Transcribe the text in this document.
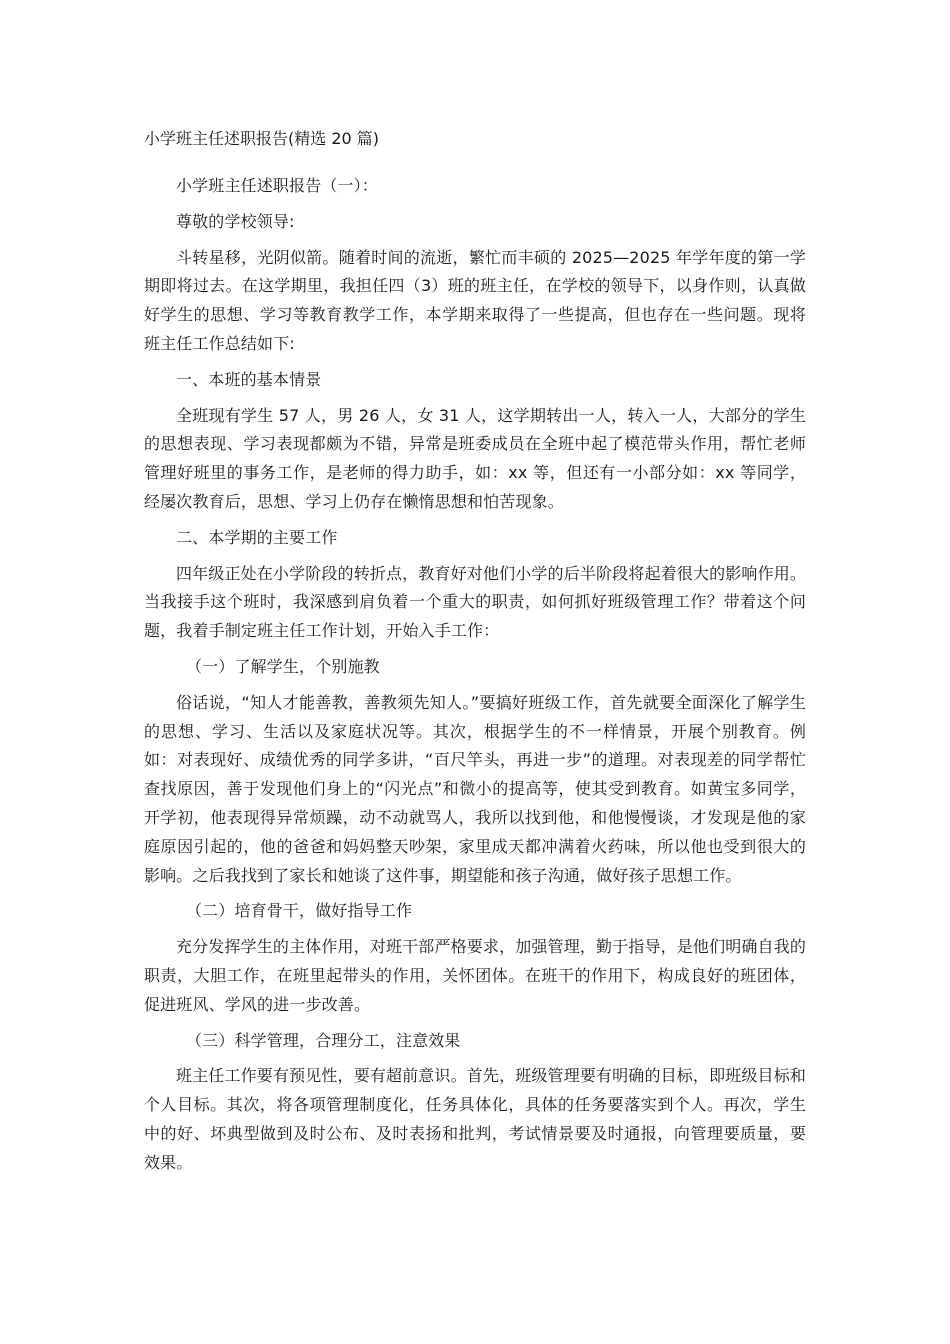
小学班主任述职报告(精选 20 篇)

小学班主任述职报告（一）：

尊敬的学校领导:

斗转星移，光阴似箭。随着时间的流逝，繁忙而丰硕的 2025—2025 年学年度的第一学期即将过去。在这学期里，我担任四（3）班的班主任，在学校的领导下，以身作则，认真做好学生的思想、学习等教育教学工作，本学期来取得了一些提高，但也存在一些问题。现将班主任工作总结如下:

一、本班的基本情景

全班现有学生 57 人，男 26 人，女 31 人，这学期转出一人，转入一人，大部分的学生的思想表现、学习表现都颇为不错，异常是班委成员在全班中起了模范带头作用，帮忙老师管理好班里的事务工作，是老师的得力助手，如：xx 等，但还有一小部分如：xx 等同学，经屡次教育后，思想、学习上仍存在懒惰思想和怕苦现象。

二、本学期的主要工作

四年级正处在小学阶段的转折点，教育好对他们小学的后半阶段将起着很大的影响作用。当我接手这个班时，我深感到肩负着一个重大的职责，如何抓好班级管理工作？带着这个问题，我着手制定班主任工作计划，开始入手工作：

（一）了解学生，个别施教

俗话说，“知人才能善教，善教须先知人。”要搞好班级工作，首先就要全面深化了解学生的思想、学习、生活以及家庭状况等。其次，根据学生的不一样情景，开展个别教育。例如：对表现好、成绩优秀的同学多讲，“百尺竿头，再进一步”的道理。对表现差的同学帮忙查找原因，善于发现他们身上的“闪光点”和微小的提高等，使其受到教育。如黄宝多同学，开学初，他表现得异常烦躁，动不动就骂人，我所以找到他，和他慢慢谈，才发现是他的家庭原因引起的，他的爸爸和妈妈整天吵架，家里成天都冲满着火药味，所以他也受到很大的影响。之后我找到了家长和她谈了这件事，期望能和孩子沟通，做好孩子思想工作。

（二）培育骨干，做好指导工作

充分发挥学生的主体作用，对班干部严格要求，加强管理，勤于指导，是他们明确自我的职责，大胆工作，在班里起带头的作用，关怀团体。在班干的作用下，构成良好的班团体，促进班风、学风的进一步改善。

（三）科学管理，合理分工，注意效果

班主任工作要有预见性，要有超前意识。首先，班级管理要有明确的目标，即班级目标和个人目标。其次，将各项管理制度化，任务具体化，具体的任务要落实到个人。再次，学生中的好、坏典型做到及时公布、及时表扬和批判，考试情景要及时通报，向管理要质量，要效果。
